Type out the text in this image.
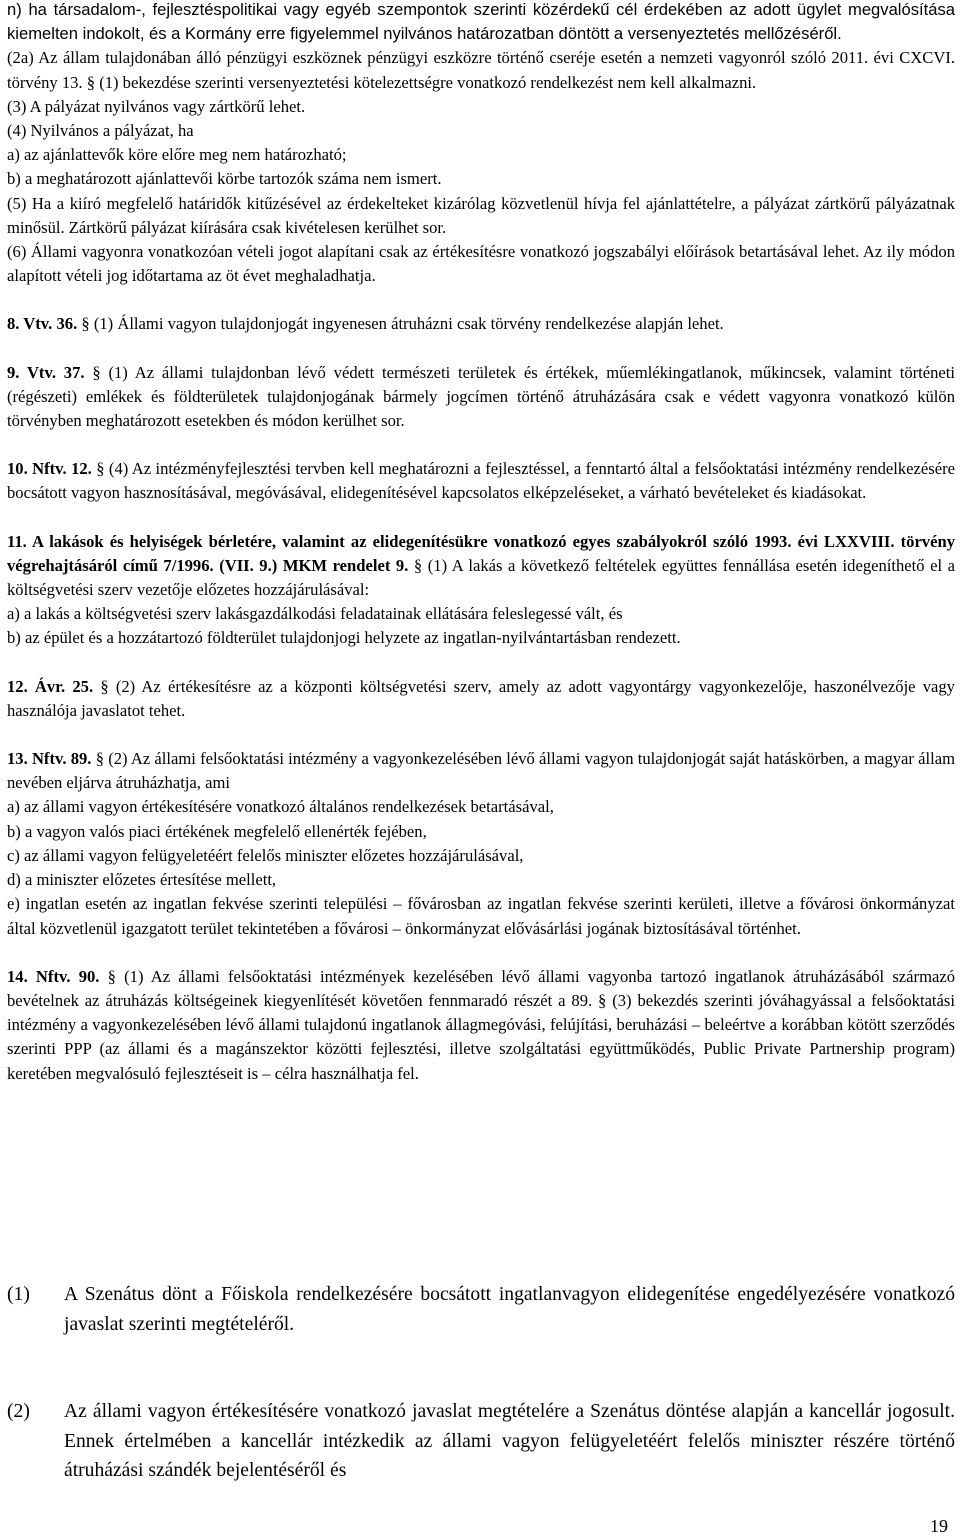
n) ha társadalom-, fejlesztéspolitikai vagy egyéb szempontok szerinti közérdekű cél érdekében az adott ügylet megvalósítása kiemelten indokolt, és a Kormány erre figyelemmel nyilvános határozatban döntött a versenyeztetés mellőzéséről.

(2a) Az állam tulajdonában álló pénzügyi eszköznek pénzügyi eszközre történő cseréje esetén a nemzeti vagyonról szóló 2011. évi CXCVI. törvény 13. § (1) bekezdése szerinti versenyeztetési kötelezettségre vonatkozó rendelkezést nem kell alkalmazni.

(3) A pályázat nyilvános vagy zártkörű lehet.

(4) Nyilvános a pályázat, ha

a) az ajánlattevők köre előre meg nem határozható;

b) a meghatározott ajánlattevői körbe tartozók száma nem ismert.

(5) Ha a kiíró megfelelő határidők kitűzésével az érdekelteket kizárólag közvetlenül hívja fel ajánlattételre, a pályázat zártkörű pályázatnak minősül. Zártkörű pályázat kiírására csak kivételesen kerülhet sor.

(6) Állami vagyonra vonatkozóan vételi jogot alapítani csak az értékesítésre vonatkozó jogszabályi előírások betartásával lehet. Az ily módon alapított vételi jog időtartama az öt évet meghaladhatja.

8. Vtv. 36. § (1) Állami vagyon tulajdonjogát ingyenesen átruházni csak törvény rendelkezése alapján lehet.

9. Vtv. 37. § (1) Az állami tulajdonban lévő védett természeti területek és értékek, műemlékingatlanok, műkincsek, valamint történeti (régészeti) emlékek és földterületek tulajdonjogának bármely jogcímen történő átruházására csak e védett vagyonra vonatkozó külön törvényben meghatározott esetekben és módon kerülhet sor.

10. Nftv. 12. § (4) Az intézményfejlesztési tervben kell meghatározni a fejlesztéssel, a fenntartó által a felsőoktatási intézmény rendelkezésére bocsátott vagyon hasznosításával, megóvásával, elidegenítésével kapcsolatos elképzeléseket, a várható bevételeket és kiadásokat.

11. A lakások és helyiségek bérletére, valamint az elidegenítésükre vonatkozó egyes szabályokról szóló 1993. évi LXXVIII. törvény végrehajtásáról című 7/1996. (VII. 9.) MKM rendelet 9. § (1) A lakás a következő feltételek együttes fennállása esetén idegeníthető el a költségvetési szerv vezetője előzetes hozzájárulásával:

a) a lakás a költségvetési szerv lakásgazdálkodási feladatainak ellátására feleslegessé vált, és

b) az épület és a hozzátartozó földterület tulajdonjogi helyzete az ingatlan-nyilvántartásban rendezett.

12. Ávr. 25. § (2) Az értékesítésre az a központi költségvetési szerv, amely az adott vagyontárgy vagyonkezelője, haszonélvezője vagy használója javaslatot tehet.

13. Nftv. 89. § (2) Az állami felsőoktatási intézmény a vagyonkezelésében lévő állami vagyon tulajdonjogát saját hatáskörben, a magyar állam nevében eljárva átruházhatja, ami

a) az állami vagyon értékesítésére vonatkozó általános rendelkezések betartásával,

b) a vagyon valós piaci értékének megfelelő ellenérték fejében,

c) az állami vagyon felügyeletéért felelős miniszter előzetes hozzájárulásával,

d) a miniszter előzetes értesítése mellett,

e) ingatlan esetén az ingatlan fekvése szerinti települési – fővárosban az ingatlan fekvése szerinti kerületi, illetve a fővárosi önkormányzat által közvetlenül igazgatott terület tekintetében a fővárosi – önkormányzat elővásárlási jogának biztosításával történhet.

14. Nftv. 90. § (1) Az állami felsőoktatási intézmények kezelésében lévő állami vagyonba tartozó ingatlanok átruházásából származó bevételnek az átruházás költségeinek kiegyenlítését követően fennmaradó részét a 89. § (3) bekezdés szerinti jóváhagyással a felsőoktatási intézmény a vagyonkezelésében lévő állami tulajdonú ingatlanok állagmegóvási, felújítási, beruházási – beleértve a korábban kötött szerződés szerinti PPP (az állami és a magánszektor közötti fejlesztési, illetve szolgáltatási együttműködés, Public Private Partnership program) keretében megvalósuló fejlesztéseit is – célra használhatja fel.

(1) A Szenátus dönt a Főiskola rendelkezésére bocsátott ingatlanvagyon elidegenítése engedélyezésére vonatkozó javaslat szerinti megtételéről.
(2) Az állami vagyon értékesítésére vonatkozó javaslat megtételére a Szenátus döntése alapján a kancellár jogosult. Ennek értelmében a kancellár intézkedik az állami vagyon felügyeletéért felelős miniszter részére történő átruházási szándék bejelentéséről és
19
